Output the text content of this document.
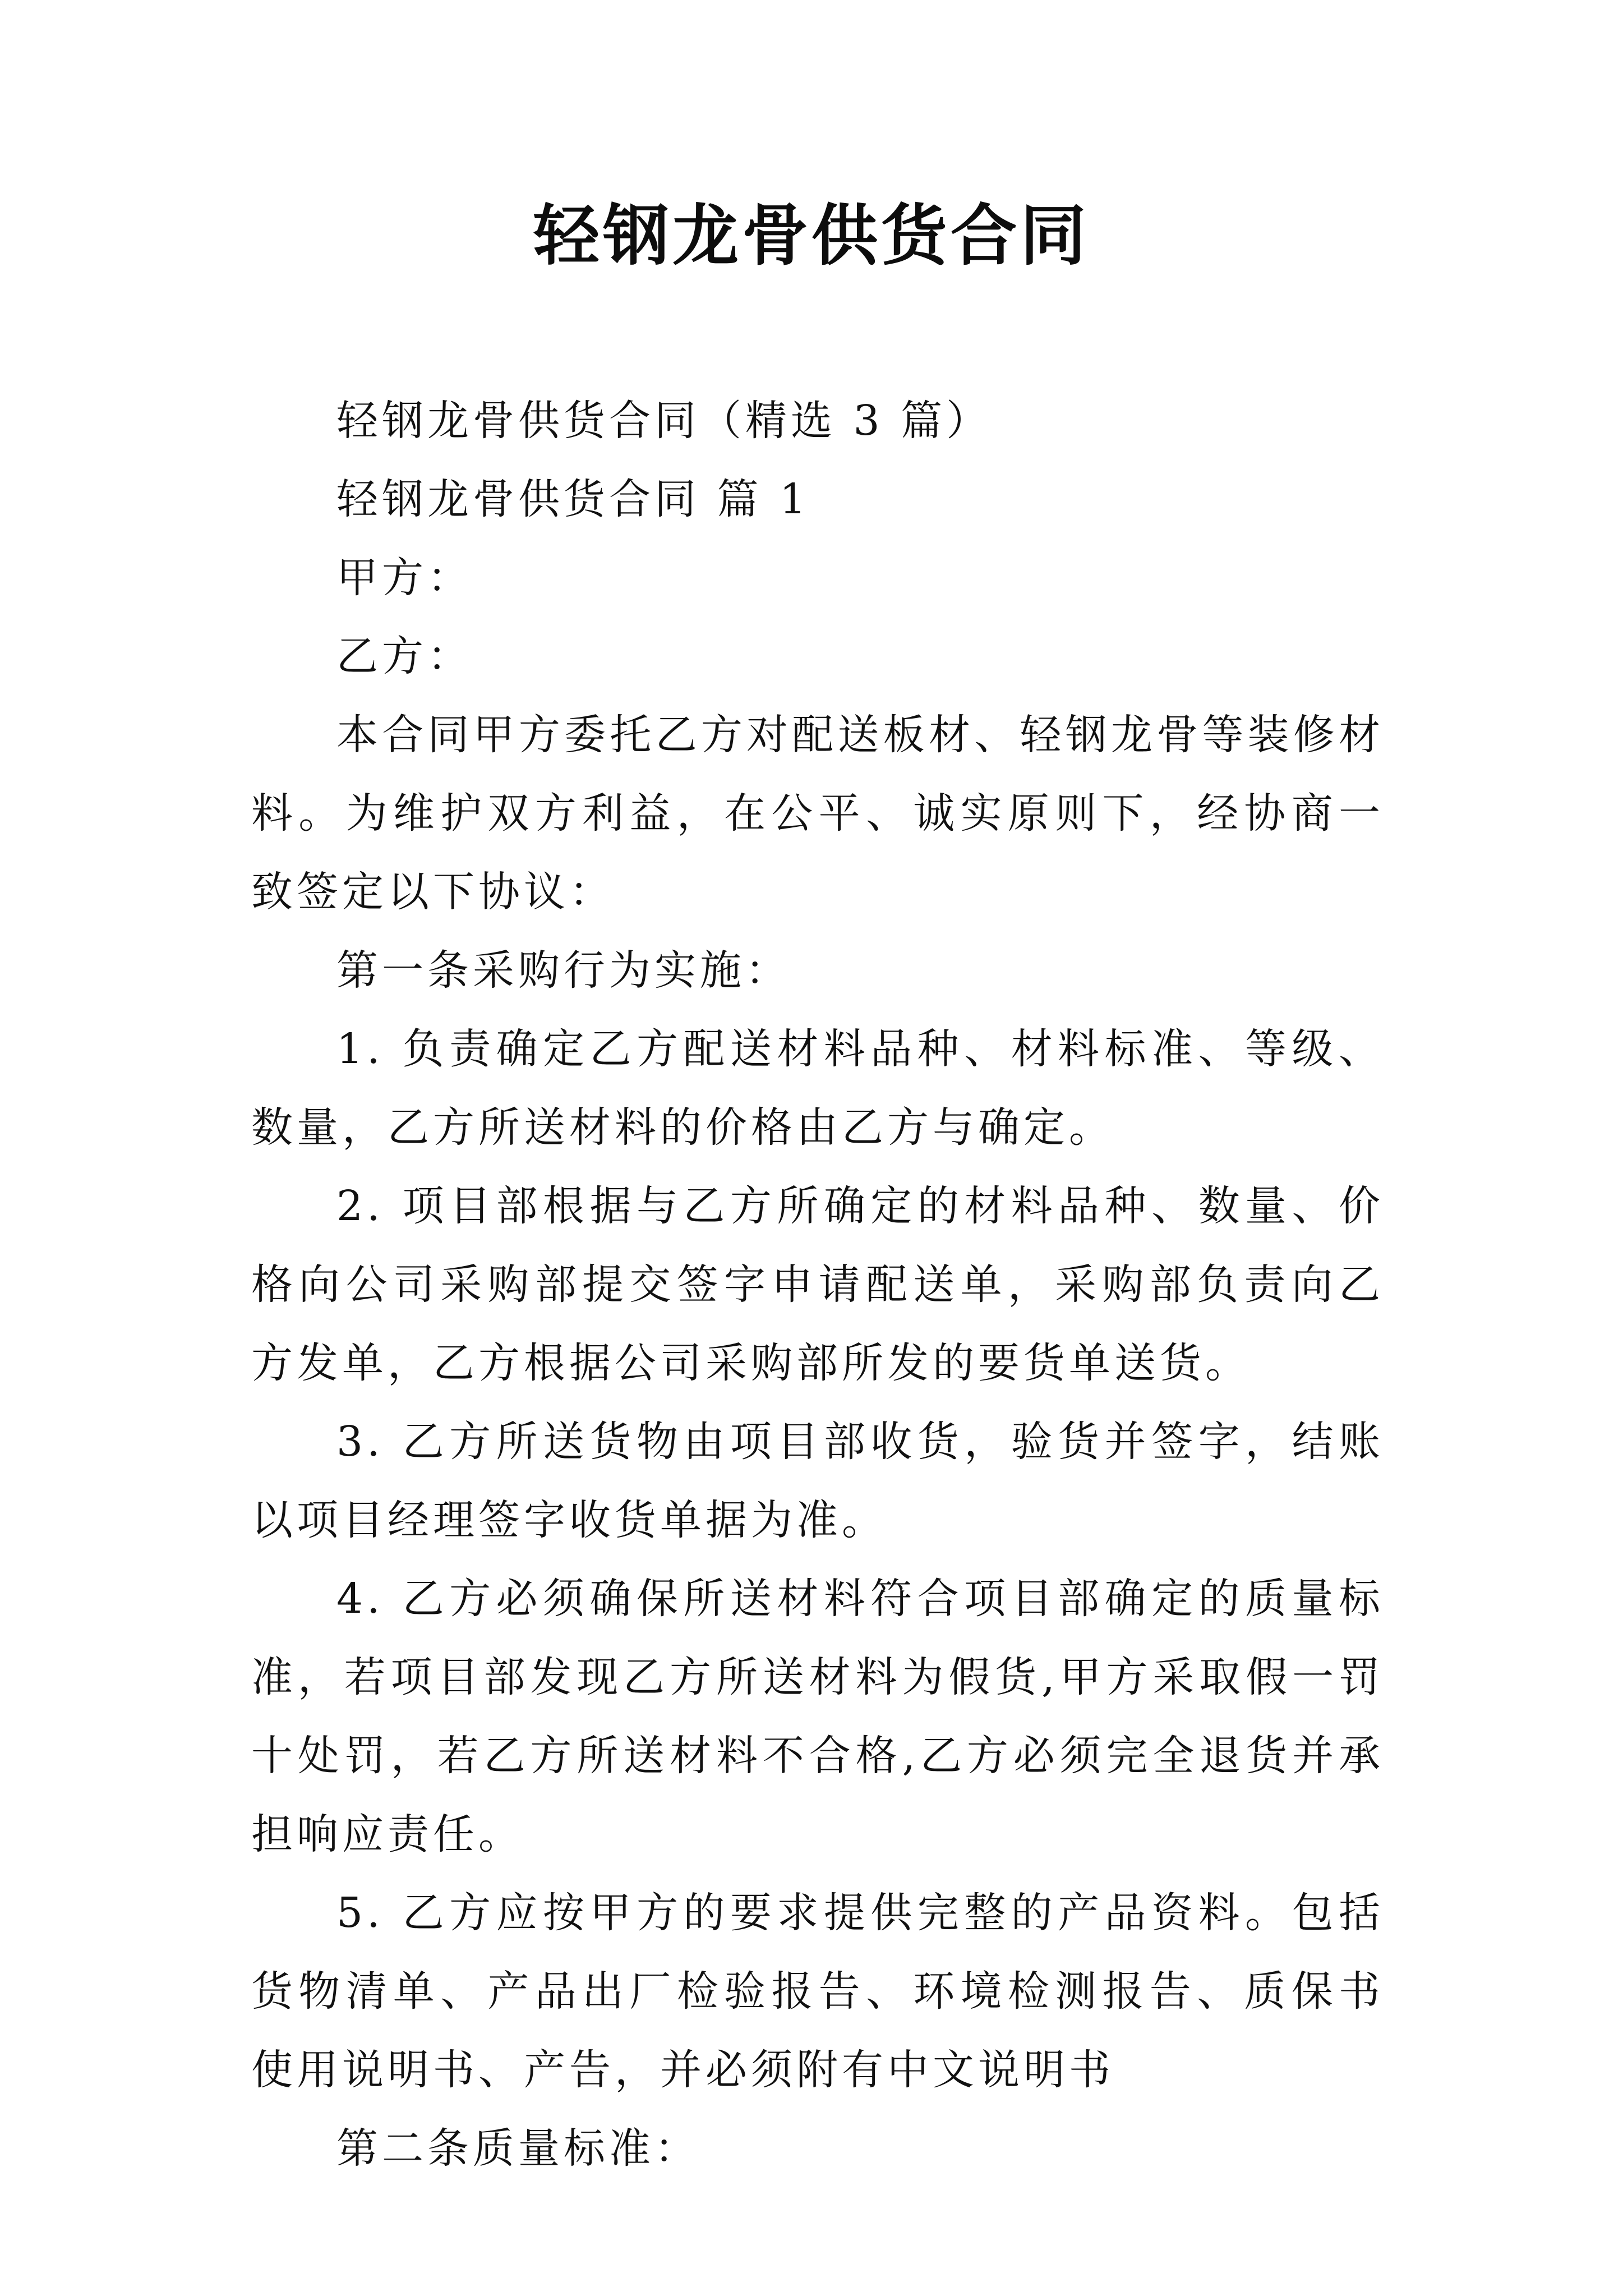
轻钢龙骨供货合同

轻钢龙骨供货合同（精选 3 篇）

轻钢龙骨供货合同 篇 1

甲方：

乙方：

本合同甲方委托乙方对配送板材、轻钢龙骨等装修材料。为维护双方利益，在公平、诚实原则下，经协商一致签定以下协议：

第一条采购行为实施：

1. 负责确定乙方配送材料品种、材料标准、等级、数量，乙方所送材料的价格由乙方与确定。

2. 项目部根据与乙方所确定的材料品种、数量、价格向公司采购部提交签字申请配送单，采购部负责向乙方发单，乙方根据公司采购部所发的要货单送货。

3. 乙方所送货物由项目部收货，验货并签字，结账以项目经理签字收货单据为准。

4. 乙方必须确保所送材料符合项目部确定的质量标准，若项目部发现乙方所送材料为假货,甲方采取假一罚十处罚，若乙方所送材料不合格,乙方必须完全退货并承担响应责任。

5. 乙方应按甲方的要求提供完整的产品资料。包括货物清单、产品出厂检验报告、环境检测报告、质保书使用说明书、产告，并必须附有中文说明书

第二条质量标准：
